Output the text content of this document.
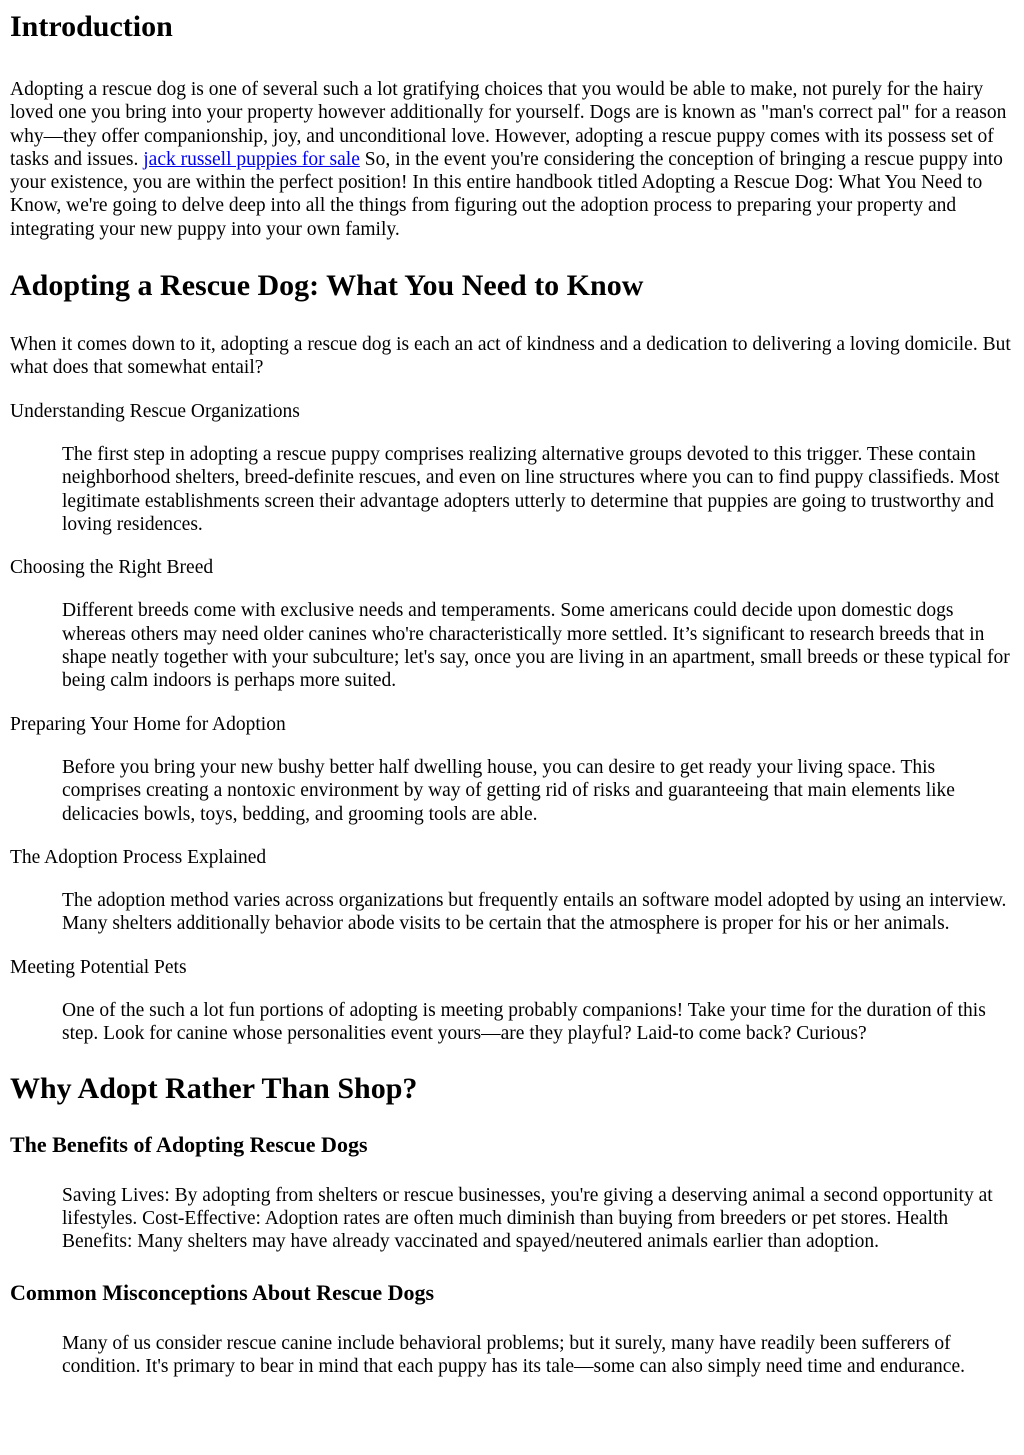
Introduction

Adopting a rescue dog is one of several such a lot gratifying choices that you would be able to make, not purely for the hairy loved one you bring into your property however additionally for yourself. Dogs are is known as "man's correct pal" for a reason why—they offer companionship, joy, and unconditional love. However, adopting a rescue puppy comes with its possess set of tasks and issues. jack russell puppies for sale So, in the event you're considering the conception of bringing a rescue puppy into your existence, you are within the perfect position! In this entire handbook titled Adopting a Rescue Dog: What You Need to Know, we're going to delve deep into all the things from figuring out the adoption process to preparing your property and integrating your new puppy into your own family.

Adopting a Rescue Dog: What You Need to Know

When it comes down to it, adopting a rescue dog is each an act of kindness and a dedication to delivering a loving domicile. But what does that somewhat entail?

Understanding Rescue Organizations

The first step in adopting a rescue puppy comprises realizing alternative groups devoted to this trigger. These contain neighborhood shelters, breed-definite rescues, and even on line structures where you can to find puppy classifieds. Most legitimate establishments screen their advantage adopters utterly to determine that puppies are going to trustworthy and loving residences.

Choosing the Right Breed

Different breeds come with exclusive needs and temperaments. Some americans could decide upon domestic dogs whereas others may need older canines who're characteristically more settled. It’s significant to research breeds that in shape neatly together with your subculture; let's say, once you are living in an apartment, small breeds or these typical for being calm indoors is perhaps more suited.

Preparing Your Home for Adoption

Before you bring your new bushy better half dwelling house, you can desire to get ready your living space. This comprises creating a nontoxic environment by way of getting rid of risks and guaranteeing that main elements like delicacies bowls, toys, bedding, and grooming tools are able.

The Adoption Process Explained

The adoption method varies across organizations but frequently entails an software model adopted by using an interview. Many shelters additionally behavior abode visits to be certain that the atmosphere is proper for his or her animals.

Meeting Potential Pets

One of the such a lot fun portions of adopting is meeting probably companions! Take your time for the duration of this step. Look for canine whose personalities event yours—are they playful? Laid-to come back? Curious?

Why Adopt Rather Than Shop?
The Benefits of Adopting Rescue Dogs

Saving Lives: By adopting from shelters or rescue businesses, you're giving a deserving animal a second opportunity at lifestyles. Cost-Effective: Adoption rates are often much diminish than buying from breeders or pet stores. Health Benefits: Many shelters may have already vaccinated and spayed/neutered animals earlier than adoption.

Common Misconceptions About Rescue Dogs

Many of us consider rescue canine include behavioral problems; but it surely, many have readily been sufferers of condition. It's primary to bear in mind that each puppy has its tale—some can also simply need time and endurance.
